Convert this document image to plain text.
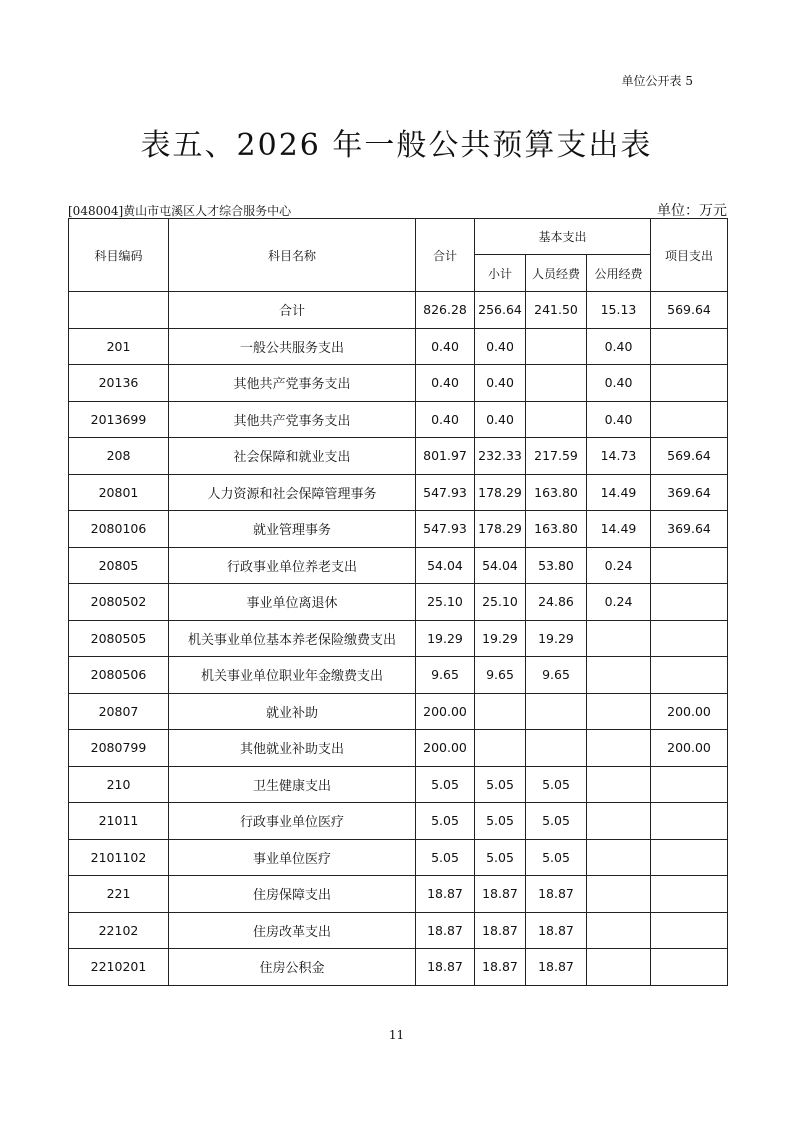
单位公开表 5
表五、2026 年一般公共预算支出表
[048004]黄山市屯溪区人才综合服务中心	单位：万元
科目编码	科目名称	合计	基本支出			项目支出
			小计	人员经费	公用经费	
	合计	826.28	256.64	241.50	15.13	569.64
201	一般公共服务支出	0.40	0.40		0.40	
20136	其他共产党事务支出	0.40	0.40		0.40	
2013699	其他共产党事务支出	0.40	0.40		0.40	
208	社会保障和就业支出	801.97	232.33	217.59	14.73	569.64
20801	人力资源和社会保障管理事务	547.93	178.29	163.80	14.49	369.64
2080106	就业管理事务	547.93	178.29	163.80	14.49	369.64
20805	行政事业单位养老支出	54.04	54.04	53.80	0.24	
2080502	事业单位离退休	25.10	25.10	24.86	0.24	
2080505	机关事业单位基本养老保险缴费支出	19.29	19.29	19.29		
2080506	机关事业单位职业年金缴费支出	9.65	9.65	9.65		
20807	就业补助	200.00				200.00
2080799	其他就业补助支出	200.00				200.00
210	卫生健康支出	5.05	5.05	5.05		
21011	行政事业单位医疗	5.05	5.05	5.05		
2101102	事业单位医疗	5.05	5.05	5.05		
221	住房保障支出	18.87	18.87	18.87		
22102	住房改革支出	18.87	18.87	18.87		
2210201	住房公积金	18.87	18.87	18.87		
11
